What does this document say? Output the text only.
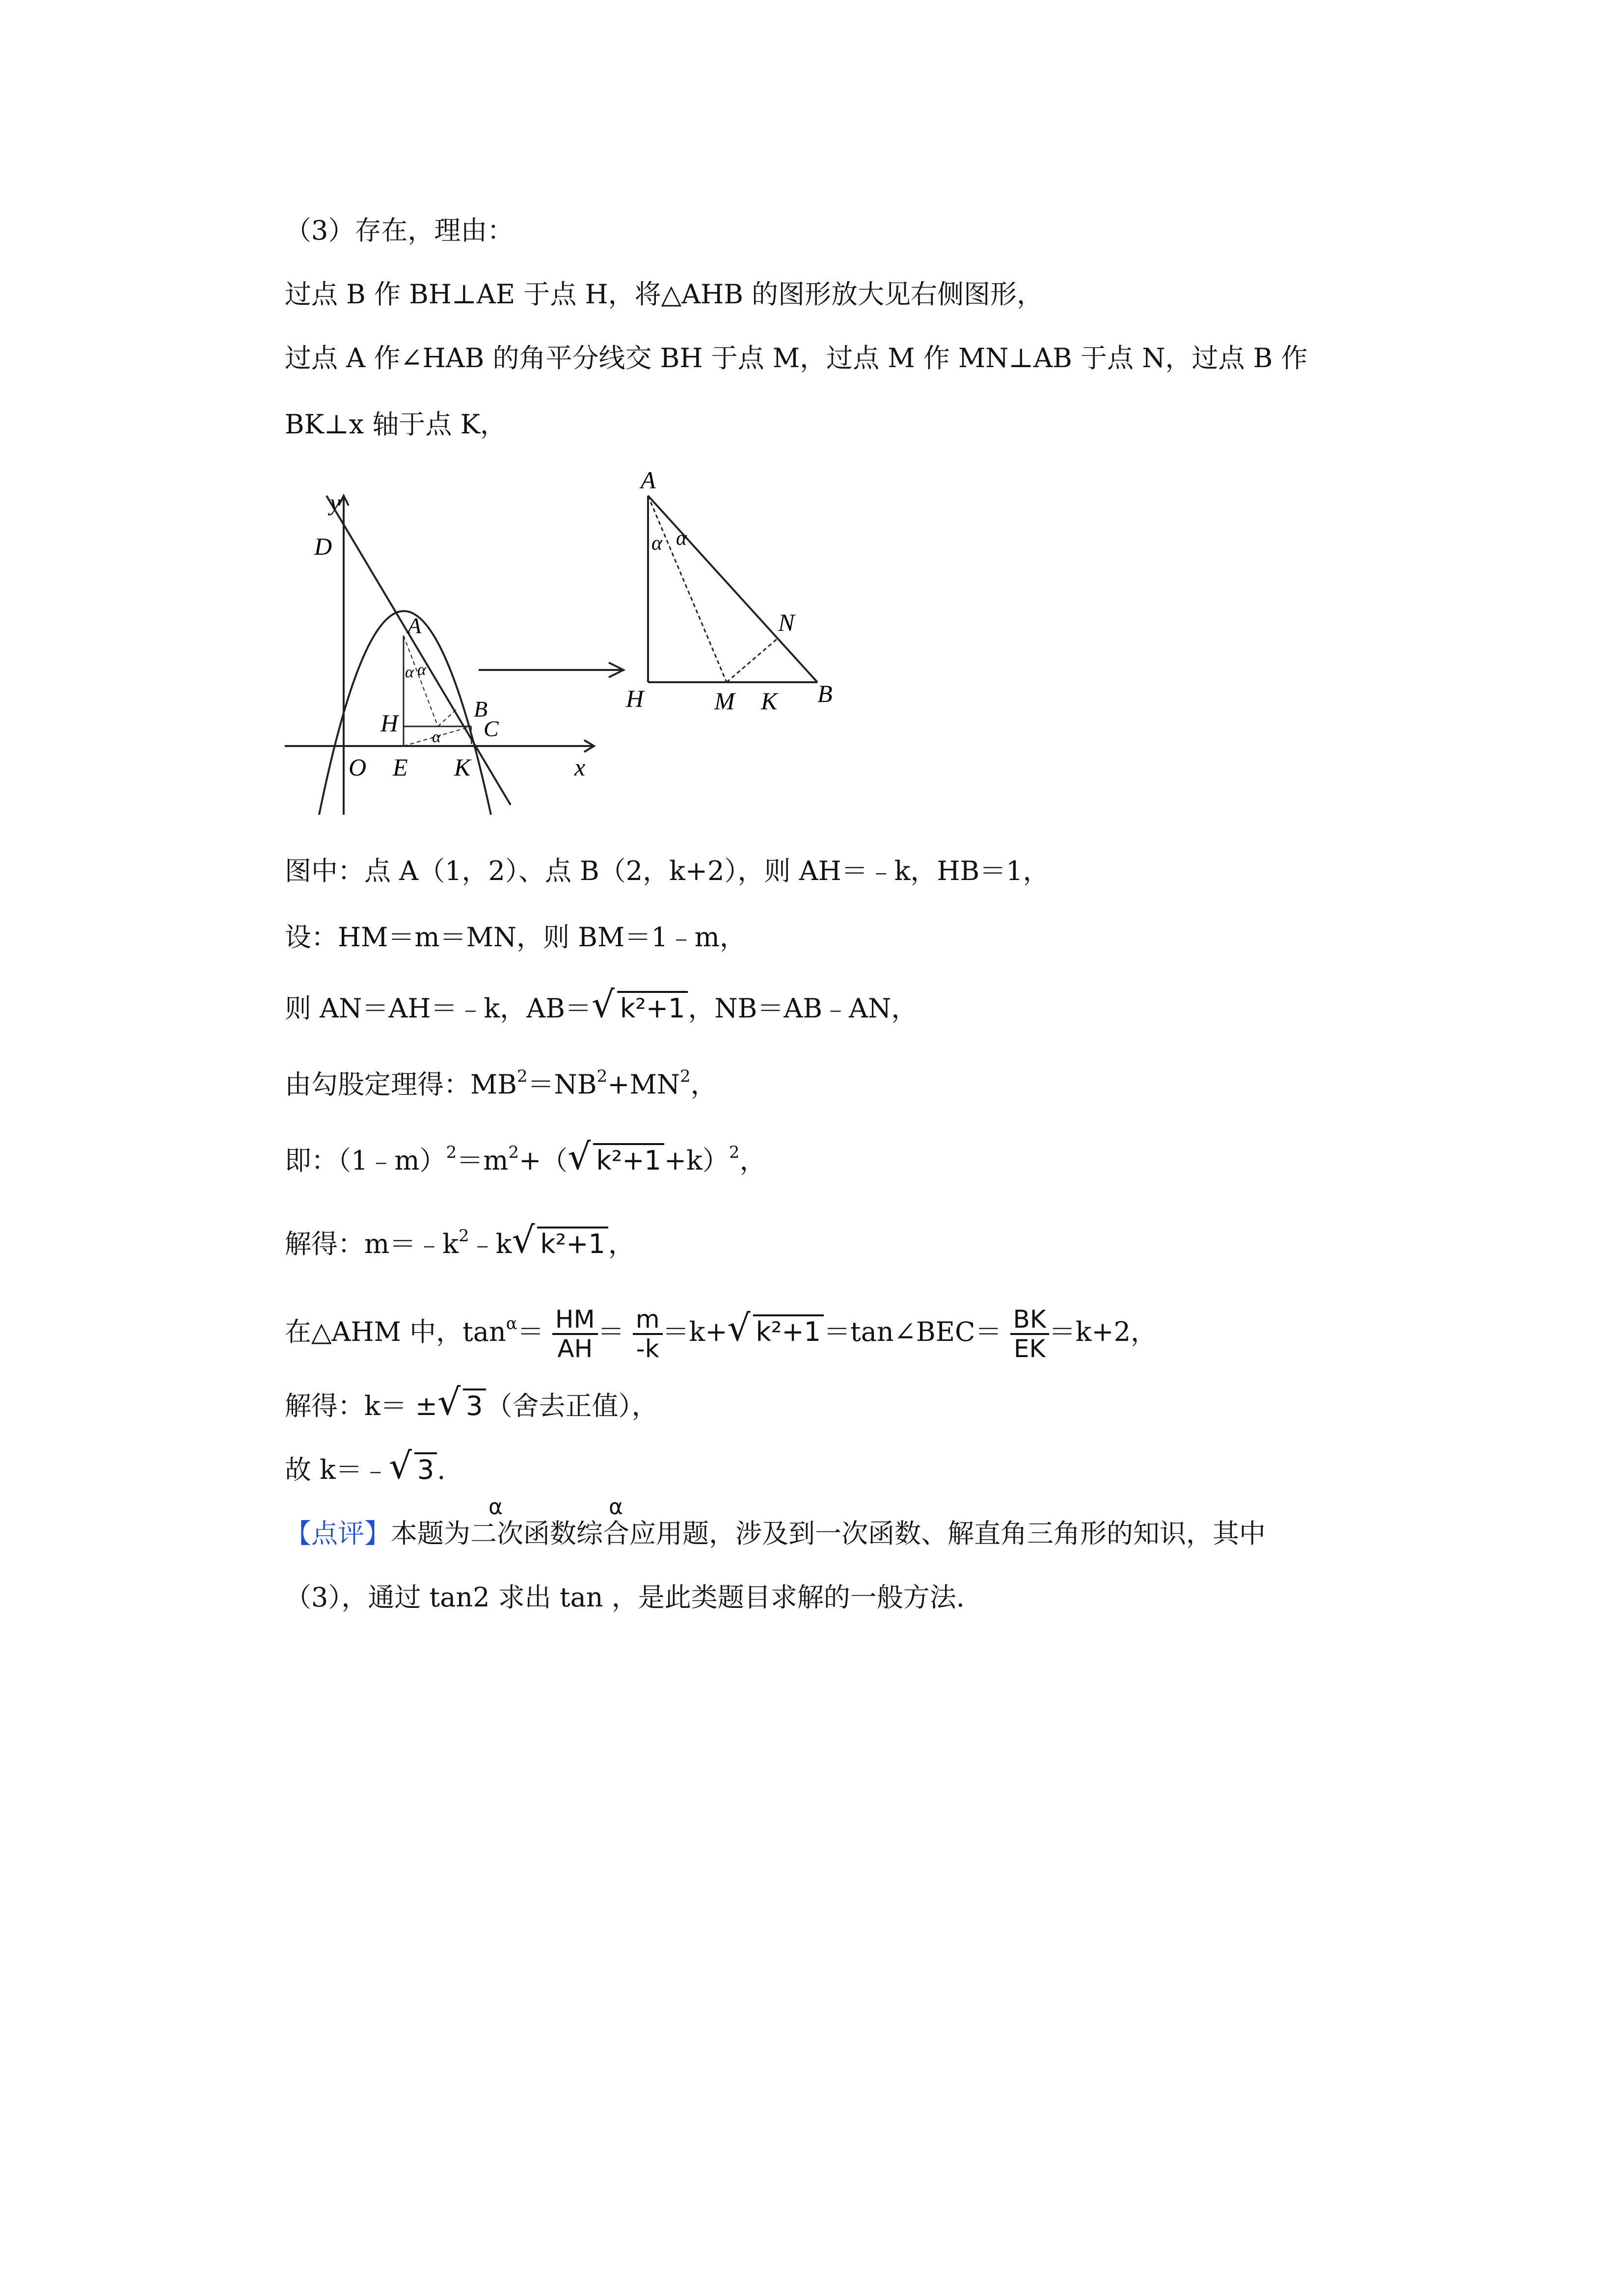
（3）存在，理由：
过点 B 作 BH⊥AE 于点 H，将△AHB 的图形放大见右侧图形，
过点 A 作∠HAB 的角平分线交 BH 于点 M，过点 M 作 MN⊥AB 于点 N，过点 B 作
BK⊥x 轴于点 K，
y
D
A
H
B
C
O E K	x
α α
α
A
H	M K B
N
α α
图中：点 A（1，2）、点 B（2，k+2），则 AH＝﹣k，HB＝1，
设：HM＝m＝MN，则 BM＝1﹣m，
则 AN＝AH＝﹣k，AB＝ √ k²+1 ，NB＝AB﹣AN，
由勾股定理得：$MB^2=NB^2+MN^2$，
即：$(1﹣m)^2=m^2+$（ √ k²+1 +k）$^2$，
解得：$m=﹣k^2﹣k$ √ k²+1 ，
在△AHM 中，$\tan^\alpha= \frac{HM}{AH} = \frac{m}{-k} =k+$ √ k²+1 ＝tan∠BEC＝ $\frac{BK}{EK} =k+2$，
解得：k＝ ± √ 3 （舍去正值），
故 k＝﹣ √ 3 .
【点评】本题为二次函数综合应用题，涉及到一次函数、解直角三角形的知识，其中
α	α
（3），通过 tan2 求出 tan ，是此类题目求解的一般方法.
